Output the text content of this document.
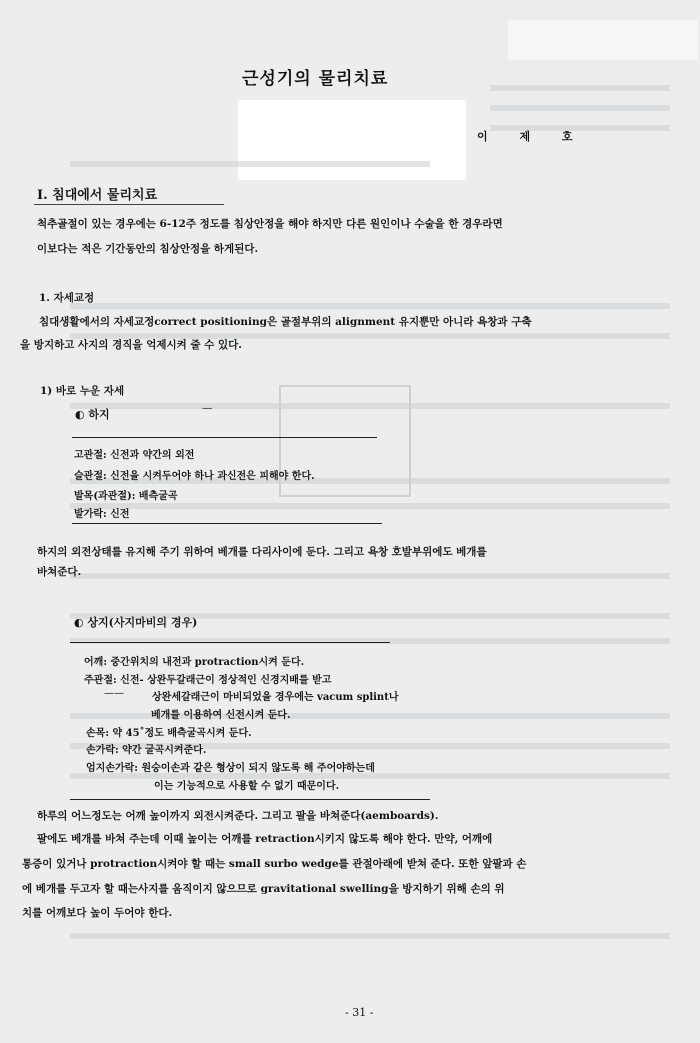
근성기의 물리치료
이 제 호
Ⅰ. 침대에서 물리치료
척추골절이 있는 경우에는 6-12주 정도를 침상안정을 해야 하지만 다른 원인이나 수술을 한 경우라면
이보다는 적은 기간동안의 침상안정을 하게된다.
1. 자세교정
침대생활에서의 자세교정correct positioning은 골절부위의 alignment 유지뿐만 아니라 욕창과 구축
을 방지하고 사지의 경직을 억제시켜 줄 수 있다.
1) 바로 누운 자세
◐ 하지	—
고관절: 신전과 약간의 외전
슬관절: 신전을 시켜두어야 하나 과신전은 피해야 한다.
발목(과관절): 배측굴곡
발가락: 신전
하지의 외전상태를 유지해 주기 위하여 베개를 다리사이에 둔다. 그리고 욕창 호발부위에도 베개를
바쳐준다.
◐ 상지(사지마비의 경우)
어깨: 중간위치의 내전과 protraction시켜 둔다.
주관절: 신전- 상완두갈래근이 정상적인 신경지배를 받고
——	상완세갈래근이 마비되었을 경우에는 vacum splint나
베개를 이용하여 신전시켜 둔다.
손목: 약 45˚정도 배측굴곡시켜 둔다.
손가락: 약간 굴곡시켜준다.
엄지손가락: 원숭이손과 같은 형상이 되지 않도록 해 주어야하는데
이는 기능적으로 사용할 수 없기 때문이다.
하루의 어느정도는 어깨 높이까지 외전시켜준다. 그리고 팔을 바쳐준다(aemboards).
팔에도 베개를 바쳐 주는데 이때 높이는 어깨를 retraction시키지 않도록 해야 한다. 만약, 어깨에
통증이 있거나 protraction시켜야 할 때는 small surbo wedge를 관절아래에 받쳐 준다. 또한 앞팔과 손
에 베개를 두고자 할 때는사지를 움직이지 않으므로 gravitational swelling을 방지하기 위해 손의 위
치를 어깨보다 높이 두어야 한다.
- 31 -
